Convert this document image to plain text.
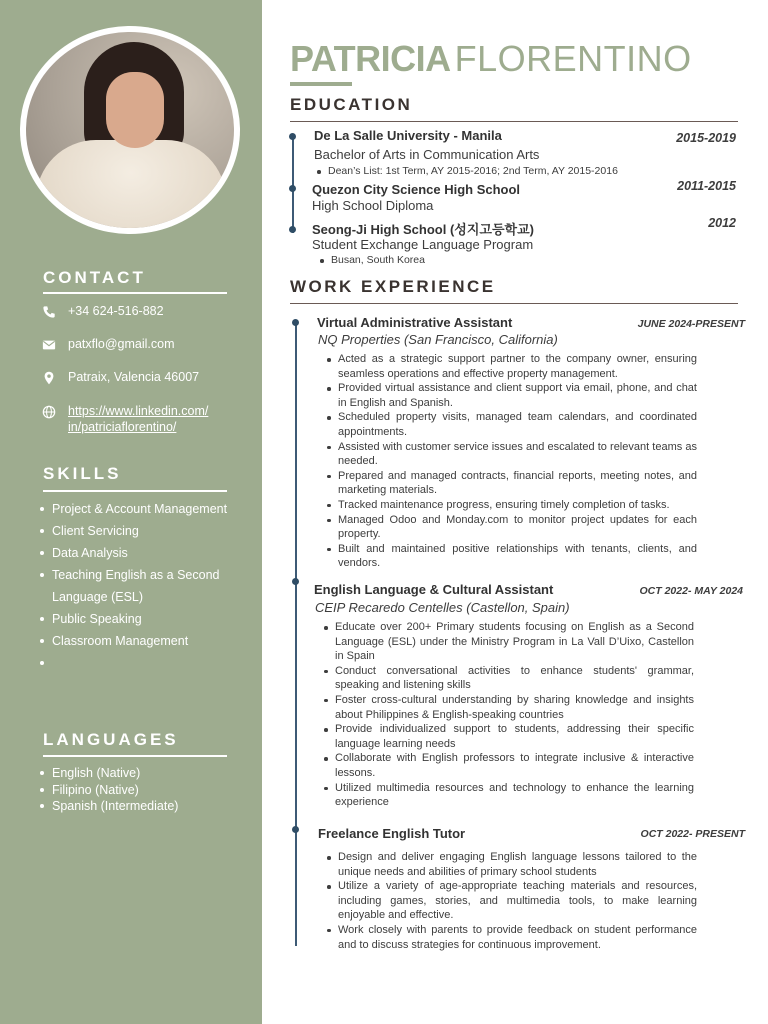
CONTACT
+34 624-516-882
patxflo@gmail.com
Patraix, Valencia 46007
https://www.linkedin.com/
in/patriciaflorentino/
SKILLS
Project & Account Management
Client Servicing
Data Analysis
Teaching English as a Second Language (ESL)
Public Speaking
Classroom Management
LANGUAGES
English (Native)
Filipino (Native)
Spanish (Intermediate)
PATRICIA FLORENTINO
EDUCATION
De La Salle University - Manila	2015-2019
Bachelor of Arts in Communication Arts
Dean’s List: 1st Term, AY 2015-2016; 2nd Term, AY 2015-2016
Quezon City Science High School	2011-2015
High School Diploma
Seong-Ji High School (성지고등학교)	2012
Student Exchange Language Program
Busan, South Korea
WORK EXPERIENCE
Virtual Administrative Assistant	JUNE 2024-PRESENT
NQ Properties (San Francisco, California)
Acted as a strategic support partner to the company owner, ensuring seamless operations and effective property management.
Provided virtual assistance and client support via email, phone, and chat in English and Spanish.
Scheduled property visits, managed team calendars, and coordinated appointments.
Assisted with customer service issues and escalated to relevant teams as needed.
Prepared and managed contracts, financial reports, meeting notes, and marketing materials.
Tracked maintenance progress, ensuring timely completion of tasks.
Managed Odoo and Monday.com to monitor project updates for each property.
Built and maintained positive relationships with tenants, clients, and vendors.
English Language & Cultural Assistant	OCT 2022- MAY 2024
CEIP Recaredo Centelles (Castellon, Spain)
Educate over 200+ Primary students focusing on English as a Second Language (ESL) under the Ministry Program in La Vall D’Uixo, Castellon in Spain
Conduct conversational activities to enhance students' grammar, speaking and listening skills
Foster cross-cultural understanding by sharing knowledge and insights about Philippines & English-speaking countries
Provide individualized support to students, addressing their specific language learning needs
Collaborate with English professors to integrate inclusive & interactive lessons.
Utilized multimedia resources and technology to enhance the learning experience
Freelance English Tutor	OCT 2022- PRESENT
Design and deliver engaging English language lessons tailored to the unique needs and abilities of primary school students
Utilize a variety of age-appropriate teaching materials and resources, including games, stories, and multimedia tools, to make learning enjoyable and effective.
Work closely with parents to provide feedback on student performance and to discuss strategies for continuous improvement.
